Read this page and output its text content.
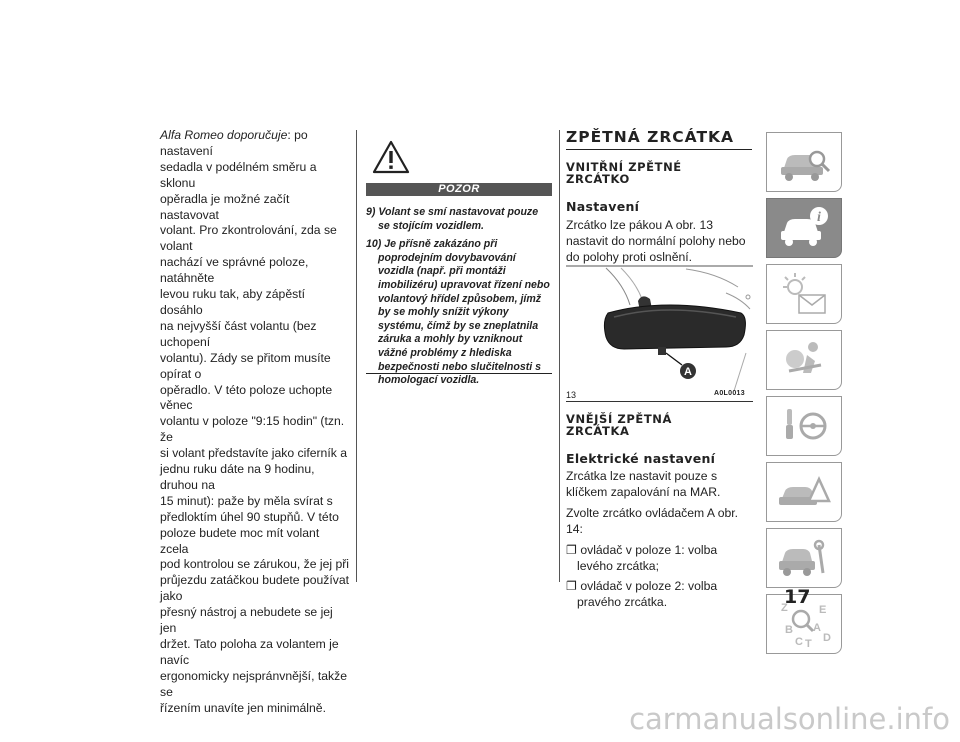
Alfa Romeo doporučuje: po nastavení
sedadla v podélném směru a sklonu
opěradla je možné začít nastavovat
volant. Pro zkontrolování, zda se volant
nachází ve správné poloze, natáhněte
levou ruku tak, aby zápěstí dosáhlo
na nejvyšší část volantu (bez uchopení
volantu). Zády se přitom musíte opírat o
opěradlo. V této poloze uchopte věnec
volantu v poloze "9:15 hodin" (tzn. že
si volant představíte jako ciferník a
jednu ruku dáte na 9 hodinu, druhou na
15 minut): paže by měla svírat s
předloktím úhel 90 stupňů. V této
poloze budete moc mít volant zcela
pod kontrolou se zárukou, že jej při
průjezdu zatáčkou budete používat jako
přesný nástroj a nebudete se jej jen
držet. Tato poloha za volantem je navíc
ergonomicky nejspránvnější, takže se
řízením unavíte jen minimálně.

POZOR
9) Volant se smí nastavovat pouze se stojícím vozidlem.
10) Je přísně zakázáno při poprodejním dovybavování vozidla (např. při montáži imobilizéru) upravovat řízení nebo volantový hřídel způsobem, jímž by se mohly snížit výkony systému, čímž by se zneplatnila záruka a mohly by vzniknout vážné problémy z hlediska bezpečnosti nebo slučitelnosti s homologací vozidla.
ZPĚTNÁ ZRCÁTKA
VNITŘNÍ ZPĚTNÉ
ZRCÁTKO
Nastavení

Zrcátko lze pákou A obr. 13 nastavit do normální polohy nebo do polohy proti oslnění.

A
13	A0L0013
VNĚJŠÍ ZPĚTNÁ
ZRCÁTKA
Elektrické nastavení

Zrcátka lze nastavit pouze s klíčkem zapalování na MAR.

Zvolte zrcátko ovládačem A obr. 14:

❐ ovládač v poloze 1: volba levého zrcátka;

❐ ovládač v poloze 2: volba pravého zrcátka.

i
Z	E
B A
D
C T
17
carmanualsonline.info
